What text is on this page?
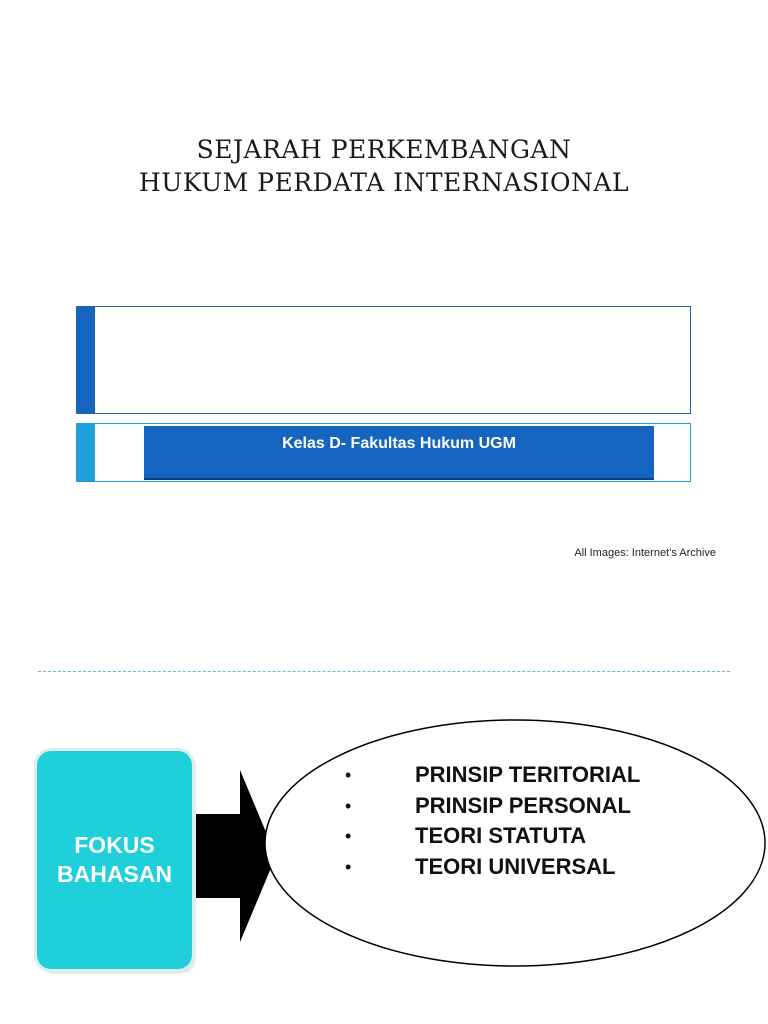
SEJARAH PERKEMBANGAN
HUKUM PERDATA INTERNASIONAL
Kelas D- Fakultas Hukum UGM
All Images: Internet’s Archive
FOKUS
BAHASAN
•	PRINSIP TERITORIAL
•	PRINSIP PERSONAL
•	TEORI STATUTA
•	TEORI UNIVERSAL
